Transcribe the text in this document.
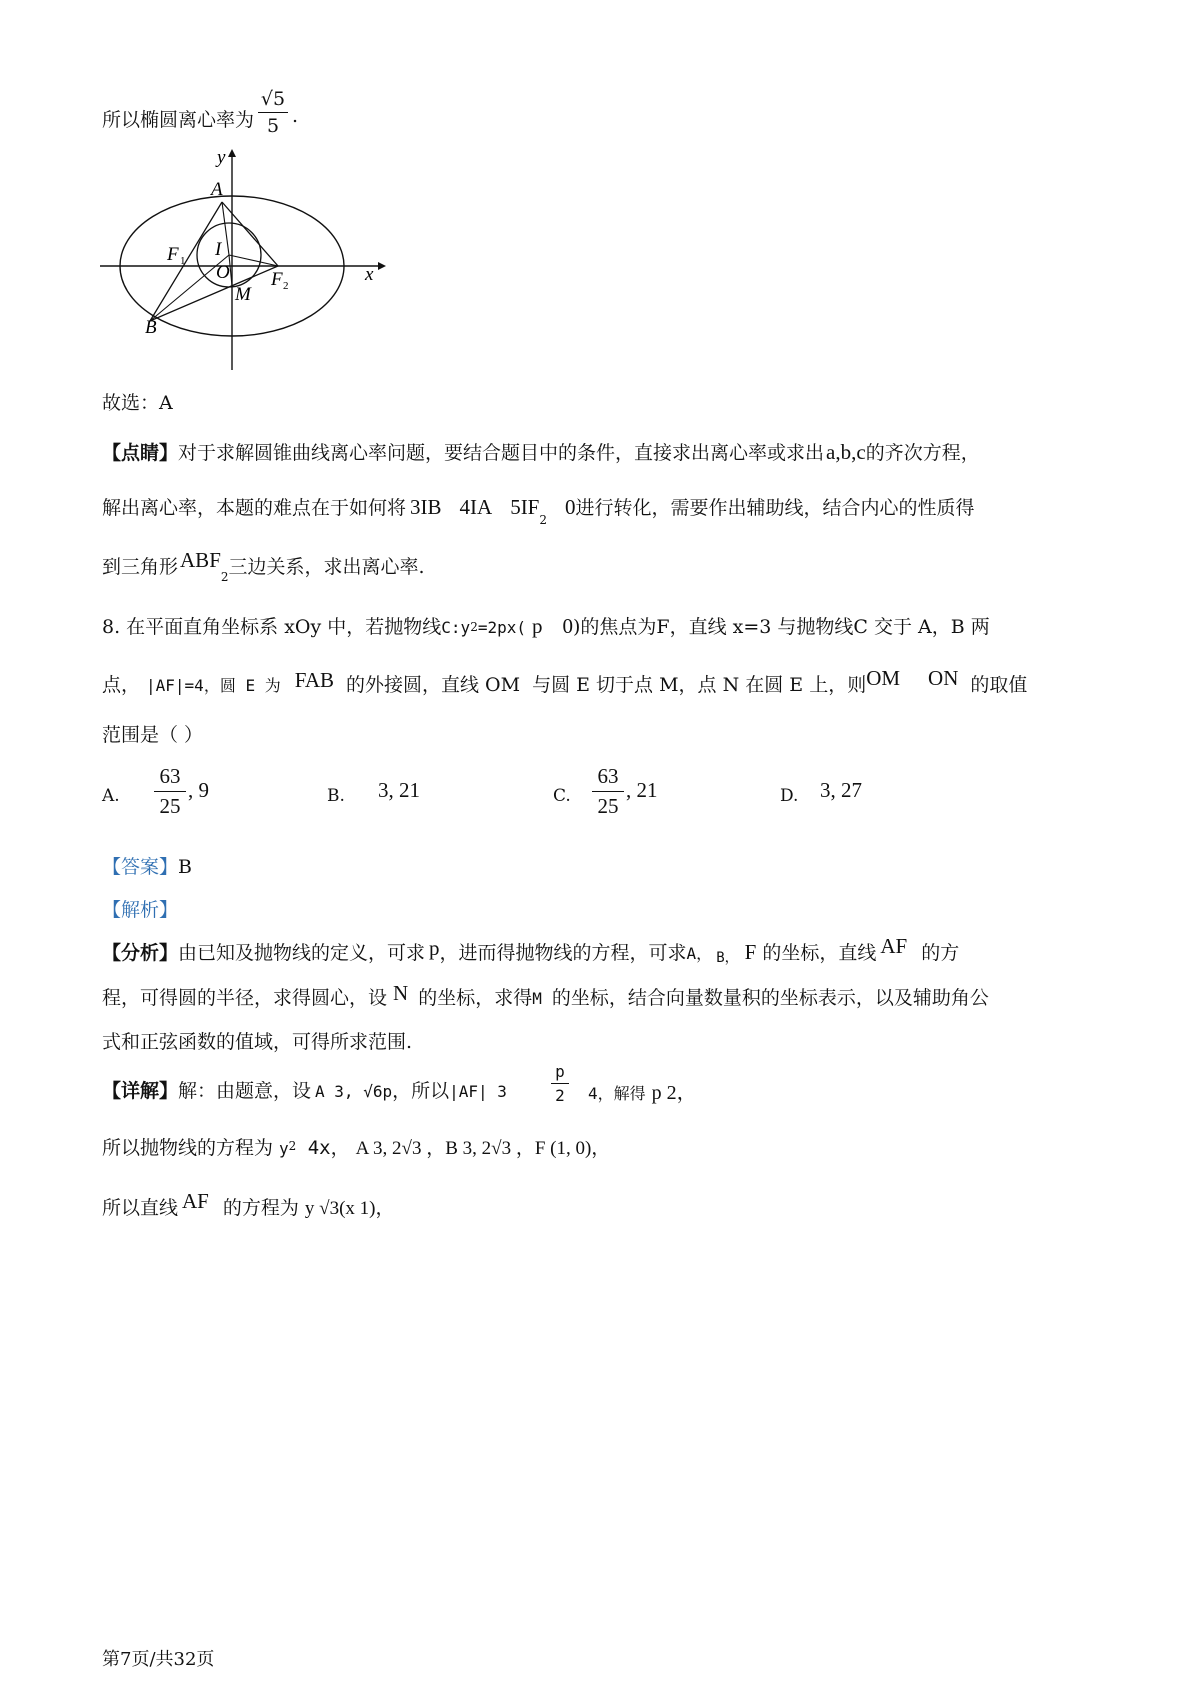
所以椭圆离心率为
√5
5 .
y
x
A
B
F 1
F 2
I
O
M
故选：A
【点睛】对于求解圆锥曲线离心率问题，要结合题目中的条件，直接求出离心率或求出a,b,c的齐次方程，
解出离心率，本题的难点在于如何将 3IB 4IA $5IF_20$进行转化，需要作出辅助线，结合内心的性质得
到三角形$ABF_2$三边关系，求出离心率.
8. 在平面直角坐标系 xOy 中，若抛物线C:y2=2px( p 0)的焦点为F，直线 x=3 与抛物线C 交于 A，B 两
点， |AF|=4，圆 E 为 FAB 的外接圆，直线 OM 与圆 E 切于点 M，点 N 在圆 E 上，则OM ON 的取值
范围是（ ）
A.
63
25
, 9	B. 3, 21	C.
63
25
, 21	D. 3, 27
【答案】B
【解析】
【分析】由已知及抛物线的定义，可求 p，进而得抛物线的方程，可求A， B， F 的坐标，直线 AF 的方
程，可得圆的半径，求得圆心，设 N 的坐标，求得M 的坐标，结合向量数量积的坐标表示，以及辅助角公
式和正弦函数的值域，可得所求范围.
【详解】解：由题意，设 A 3, √6p，所以|AF| 3
p
2 4，解得 p 2，
所以抛物线的方程为 $y^2$ 4x， A 3, 2√3 ，B 3, 2√3 ，F (1, 0)，
所以直线 AF 的方程为 y √3(x 1)，
第7页/共32页
